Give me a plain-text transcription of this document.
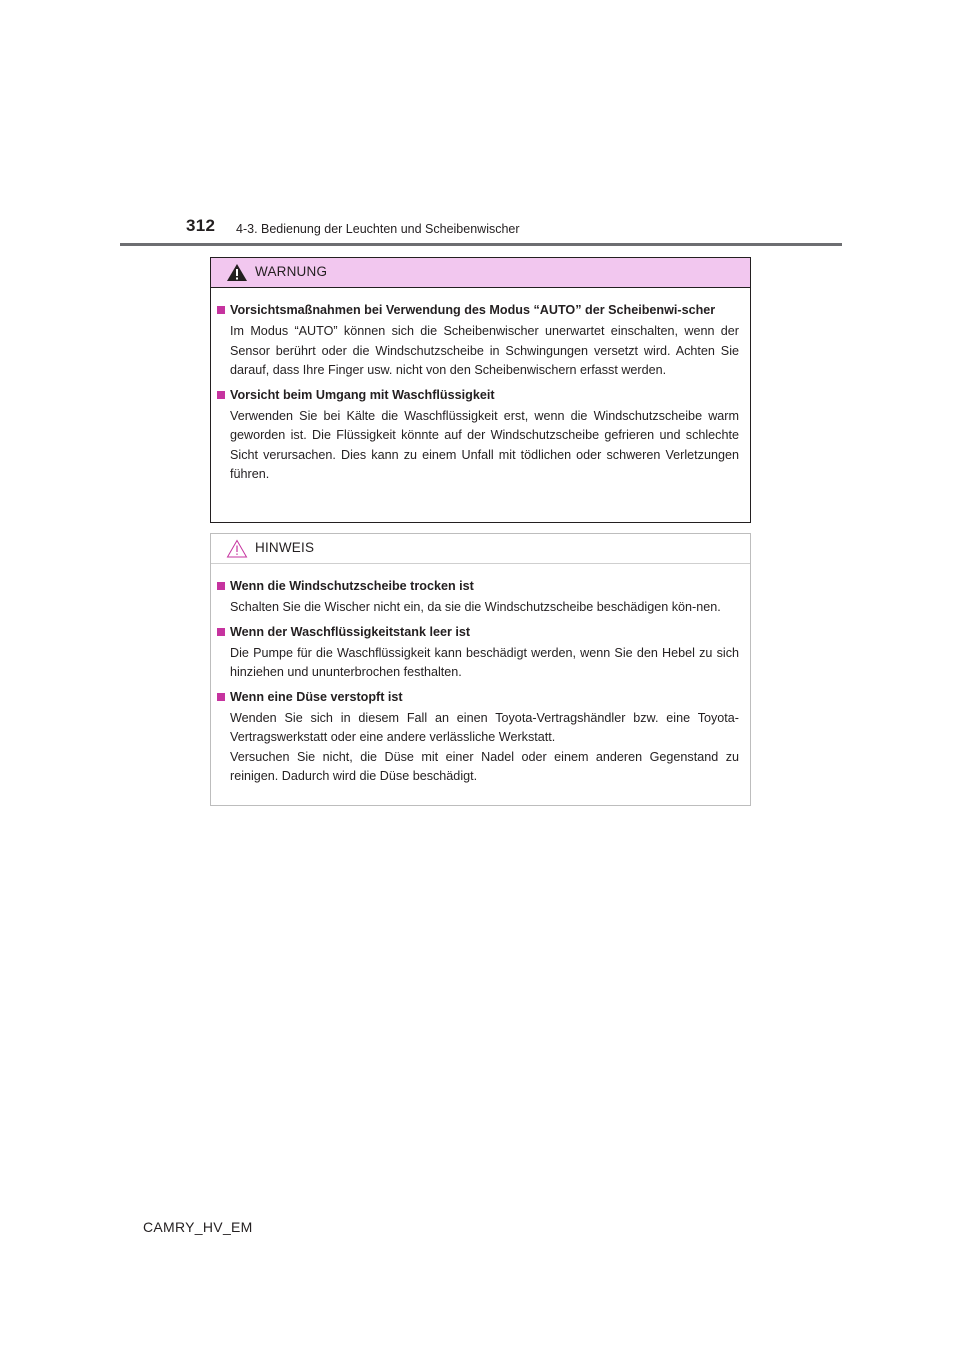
312 4-3. Bedienung der Leuchten und Scheibenwischer
WARNUNG
Vorsichtsmaßnahmen bei Verwendung des Modus “AUTO” der Scheibenwi-scher
Im Modus “AUTO” können sich die Scheibenwischer unerwartet einschalten, wenn der Sensor berührt oder die Windschutzscheibe in Schwingungen versetzt wird. Achten Sie darauf, dass Ihre Finger usw. nicht von den Scheibenwischern erfasst werden.
Vorsicht beim Umgang mit Waschflüssigkeit
Verwenden Sie bei Kälte die Waschflüssigkeit erst, wenn die Windschutzscheibe warm geworden ist. Die Flüssigkeit könnte auf der Windschutzscheibe gefrieren und schlechte Sicht verursachen. Dies kann zu einem Unfall mit tödlichen oder schweren Verletzungen führen.
HINWEIS
Wenn die Windschutzscheibe trocken ist
Schalten Sie die Wischer nicht ein, da sie die Windschutzscheibe beschädigen kön-nen.
Wenn der Waschflüssigkeitstank leer ist
Die Pumpe für die Waschflüssigkeit kann beschädigt werden, wenn Sie den Hebel zu sich hinziehen und ununterbrochen festhalten.
Wenn eine Düse verstopft ist
Wenden Sie sich in diesem Fall an einen Toyota-Vertragshändler bzw. eine Toyota-Vertragswerkstatt oder eine andere verlässliche Werkstatt.
Versuchen Sie nicht, die Düse mit einer Nadel oder einem anderen Gegenstand zu reinigen. Dadurch wird die Düse beschädigt.
CAMRY_HV_EM
